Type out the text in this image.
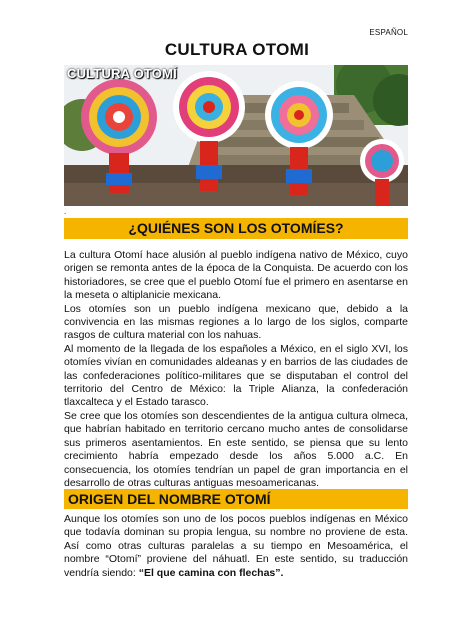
ESPAÑOL
CULTURA OTOMI
CULTURA OTOMÍ
.
¿QUIÉNES SON LOS OTOMÍES?

La cultura Otomí hace alusión al pueblo indígena nativo de México, cuyo origen se remonta antes de la época de la Conquista. De acuerdo con los historiadores, se cree que el pueblo Otomí fue el primero en asentarse en la meseta o altiplanicie mexicana.

Los otomíes son un pueblo indígena mexicano que, debido a la convivencia en las mismas regiones a lo largo de los siglos, comparte rasgos de cultura material con los nahuas.

Al momento de la llegada de los españoles a México, en el siglo XVI, los otomíes vivían en comunidades aldeanas y en barrios de las ciudades de las confederaciones político-militares que se disputaban el control del territorio del Centro de México: la Triple Alianza, la confederación tlaxcalteca y el Estado tarasco.

Se cree que los otomíes son descendientes de la antigua cultura olmeca, que habrían habitado en territorio cercano mucho antes de consolidarse sus primeros asentamientos. En este sentido, se piensa que su lento crecimiento habría empezado desde los años 5.000 a.C. En consecuencia, los otomíes tendrían un papel de gran importancia en el desarrollo de otras culturas antiguas mesoamericanas.

ORIGEN DEL NOMBRE OTOMÍ

Aunque los otomíes son uno de los pocos pueblos indígenas en México que todavía dominan su propia lengua, su nombre no proviene de esta. Así como otras culturas paralelas a su tiempo en Mesoamérica, el nombre “Otomí” proviene del náhuatl. En este sentido, su traducción vendría siendo: “El que camina con flechas”.
